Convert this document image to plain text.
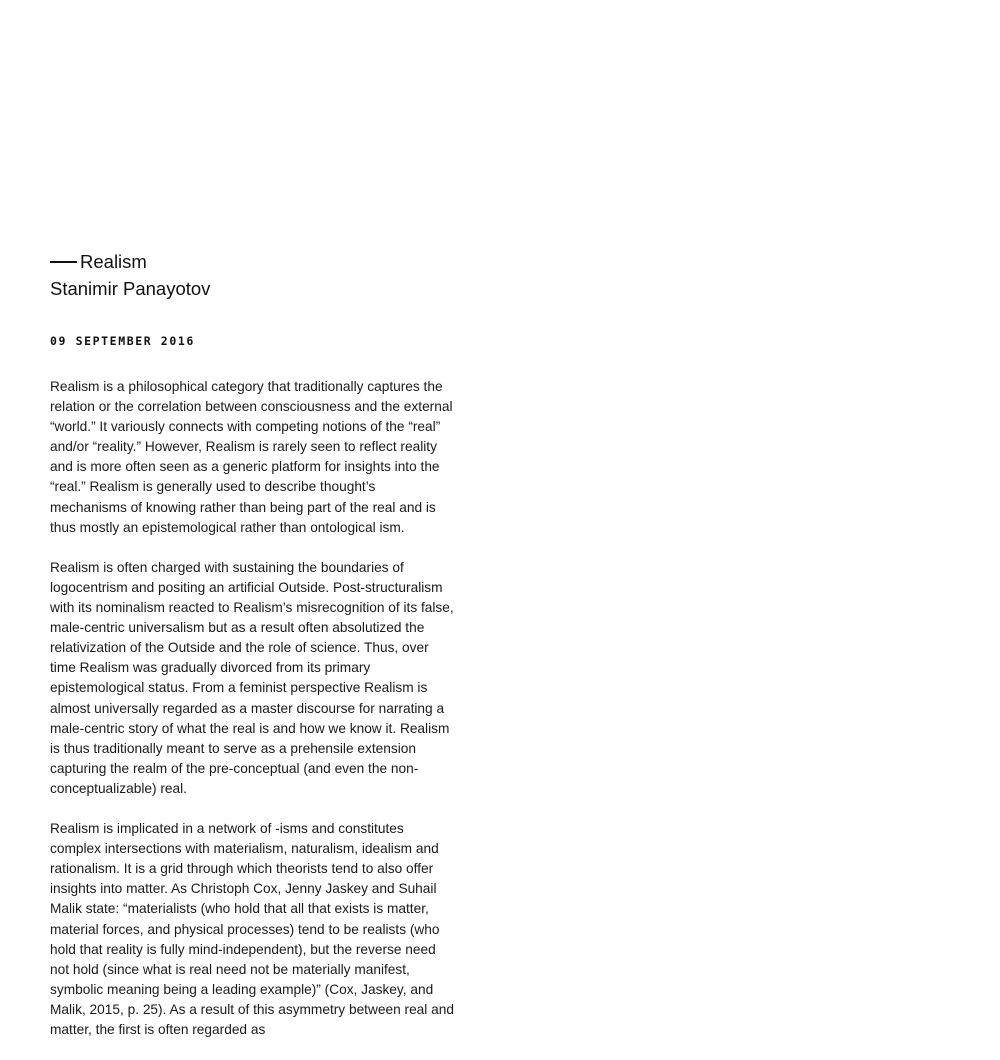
Realism
Stanimir Panayotov
09 SEPTEMBER 2016

Realism is a philosophical category that traditionally captures the relation or the correlation between consciousness and the external “world.” It variously connects with competing notions of the “real” and/or “reality.” However, Realism is rarely seen to reflect reality and is more often seen as a generic platform for insights into the “real.” Realism is generally used to describe thought’s mechanisms of knowing rather than being part of the real and is thus mostly an epistemological rather than ontological ism.

Realism is often charged with sustaining the boundaries of logocentrism and positing an artificial Outside. Post-structuralism with its nominalism reacted to Realism’s misrecognition of its false, male-centric universalism but as a result often absolutized the relativization of the Outside and the role of science. Thus, over time Realism was gradually divorced from its primary epistemological status. From a feminist perspective Realism is almost universally regarded as a master discourse for narrating a male-centric story of what the real is and how we know it. Realism is thus traditionally meant to serve as a prehensile extension capturing the realm of the pre-conceptual (and even the non-conceptualizable) real.

Realism is implicated in a network of -isms and constitutes complex intersections with materialism, naturalism, idealism and rationalism. It is a grid through which theorists tend to also offer insights into matter. As Christoph Cox, Jenny Jaskey and Suhail Malik state: “materialists (who hold that all that exists is matter, material forces, and physical processes) tend to be realists (who hold that reality is fully mind-independent), but the reverse need not hold (since what is real need not be materially manifest, symbolic meaning being a leading example)” (Cox, Jaskey, and Malik, 2015, p. 25). As a result of this asymmetry between real and matter, the first is often regarded as
